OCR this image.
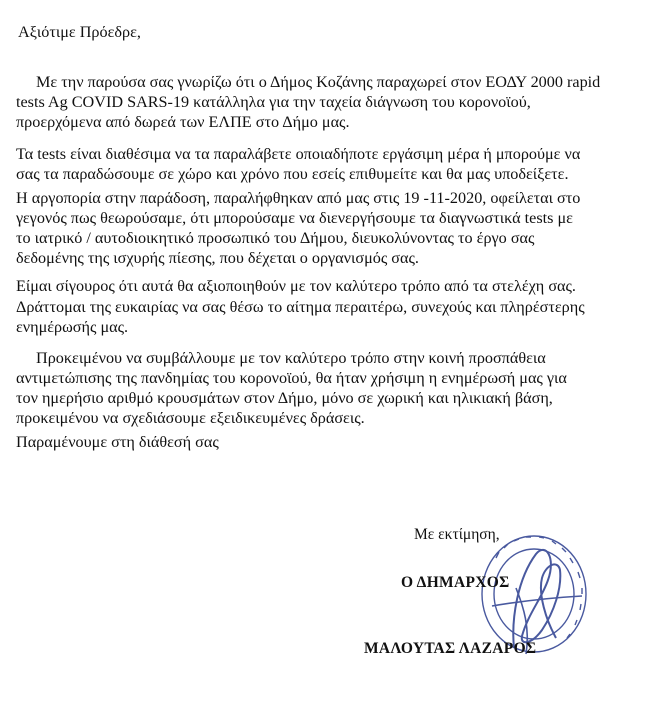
Αξιότιμε Πρόεδρε,
Με την παρούσα σας γνωρίζω ότι ο Δήμος Κοζάνης παραχωρεί στον ΕΟΔΥ 2000 rapid
tests Ag COVID SARS-19 κατάλληλα για την ταχεία διάγνωση του κορονοϊού,
προερχόμενα από δωρεά των ΕΛΠΕ στο Δήμο μας.
Τα tests είναι διαθέσιμα να τα παραλάβετε οποιαδήποτε εργάσιμη μέρα ή μπορούμε να
σας τα παραδώσουμε σε χώρο και χρόνο που εσείς επιθυμείτε και θα μας υποδείξετε.
Η αργοπορία στην παράδοση, παραλήφθηκαν από μας στις 19 -11-2020, οφείλεται στο
γεγονός πως θεωρούσαμε, ότι μπορούσαμε να διενεργήσουμε τα διαγνωστικά tests με
το ιατρικό / αυτοδιοικητικό προσωπικό του Δήμου, διευκολύνοντας το έργο σας
δεδομένης της ισχυρής πίεσης, που δέχεται ο οργανισμός σας.
Είμαι σίγουρος ότι αυτά θα αξιοποιηθούν με τον καλύτερο τρόπο από τα στελέχη σας.
Δράττομαι της ευκαιρίας να σας θέσω το αίτημα περαιτέρω, συνεχούς και πληρέστερης
ενημέρωσής μας.
Προκειμένου να συμβάλλουμε με τον καλύτερο τρόπο στην κοινή προσπάθεια
αντιμετώπισης της πανδημίας του κορονοϊού, θα ήταν χρήσιμη η ενημέρωσή μας για
τον ημερήσιο αριθμό κρουσμάτων στον Δήμο, μόνο σε χωρική και ηλικιακή βάση,
προκειμένου να σχεδιάσουμε εξειδικευμένες δράσεις.
Παραμένουμε στη διάθεσή σας
Με εκτίμηση,
Ο ΔΗΜΑΡΧΟΣ
ΜΑΛΟΥΤΑΣ ΛΑΖΑΡΟΣ
